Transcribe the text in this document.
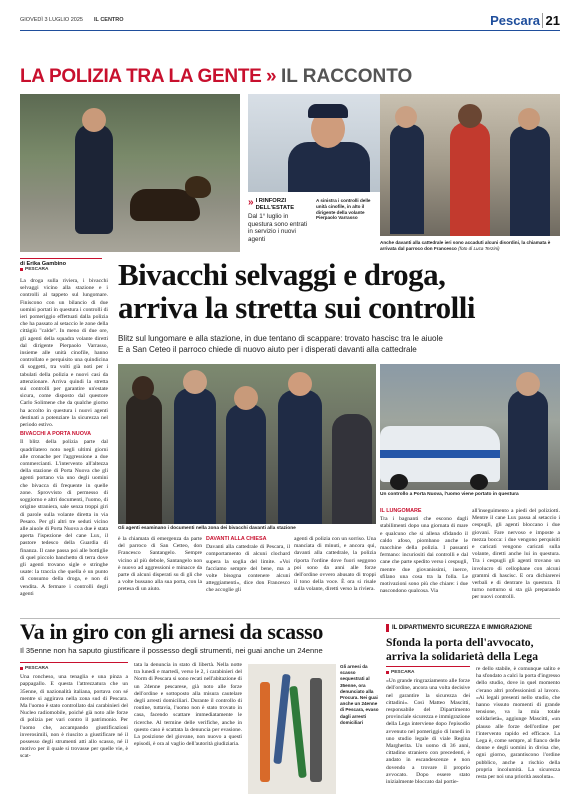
GIOVEDÌ 3 LUGLIO 2025 IL CENTRO	Pescara 21
LA POLIZIA TRA LA GENTE » IL RACCONTO
» I RINFORZI DELL'ESTATE
Dal 1° luglio in questura sono entrati in servizio i nuovi agenti
A sinistra i controlli delle unità cinofile, in alto il dirigente della volante Pierpaolo Varrasso
Anche davanti alla cattedrale ieri sono accaduti alcuni disordini, la chiamata è arrivata dal parroco don Francesco (foto di Luca Terzini)
di Erika Gambino
PESCARA Bivacchi selvaggi e droga,
arriva la stretta sui controlli
Blitz sul lungomare e alla stazione, in due tentano di scappare: trovato hascisc tra le aiuole
E a San Ceteo il parroco chiede di nuovo aiuto per i disperati davanti alla cattedrale

La droga sulla riviera, i bivacchi selvaggi vicino alla stazione e i controlli al tappeto sul lungomare. Finiscono con un bilancio di due uomini portati in questura i controlli di ieri pomeriggio effettuati dalla polizia che ha passato al setaccio le zone della cittàgiù "calde". In meno di due ore, gli agenti della squadra volante diretti dal dirigente Pierpaolo Varrasso, insieme alle unità cinofile, hanno controllato e perquisito una quindicina di soggetti, tra volti già noti per i tabulati della polizia e nuovi casi da attenzionare. Arriva quindi la stretta sui controlli per garantire un'estate sicura, come disposto dal questore Carlo Solimene che da qualche giorno ha accolto in questura i nuovi agenti destinati a potenziare la sicurezza nel periodo estivo.

BIVACCHI A PORTA NUOVA

Il blitz della polizia parte dal quadrilatero noto negli ultimi giorni alle cronache per l'aggressione a due commercianti. L'intervento all'altezza della stazione di Porta Nuova che gli agenti portano via uno degli uomini che bivacca di frequente in quelle zone. Sprovvisto di permesso di soggiorno e altri documenti, l'uomo, di origine straniera, sale senza troppi giri di parole sulla volante diretta in via Pesaro. Per gli altri tre seduti vicino alle aiuole di Porta Nuova a due è stata aperta l'ispezione del cane Lux, il pastore tedesco della Guardia di finanza. Il cane passa poi alle bottiglie di quel piccolo banchetto di terra dove gli agenti trovano sigle e stringhe usate: la traccia che quella è un punto di consumo della droga, e non di vendita. A fermare i controlli degli agenti

Gli agenti esaminano i documenti nella zona dei bivacchi davanti alla stazione
Un controllo a Porta Nuova, l'uomo viene portato in questura

è la chiamata di emergenza da parte del parroco di San Cetteo, don Francesco Santangelo. Sempre vicino al più debole, Santangelo non è nuovo ad aggressioni e minacce da parte di alcuni disperati su di gli che a volte bussano alla sua porta, con la pretesa di un aiuto.

DAVANTI ALLA CHIESA

Davanti alla cattedrale di Pescara, il comportamento di alcuni clochard supera la soglia del limite. «Voi facciamo sempre del bene, ma a volte bisogna contenere alcuni atteggiamenti», dice don Francesco che accoglie gli

agenti di polizia con un sorriso. Una manciata di minuti, e ancora qui, davanti alla cattedrale, la polizia riporta l'ordine dove fuori seggono poi sono da anni alle forze dell'ordine ovvero abusato di troppi il tono della voce. È ora si risale sulla volante, diretti verso la riviera.

IL LUNGOMARE

Tra i bagnanti che escono dagli stabilimenti dopo una giornata di mare e qualcuno che si allena sfidando il caldo afoso, piombano anche le macchine della polizia. I passanti fermano: incuriositi dai controlli e dal cane che parte spedito verso i cespugli, mentre due giovanissimi, inerce, sfilano una cosa tra la folla. Le motivazioni sono più che chiare: i due nascondono qualcosa. Via

all'inseguimento a piedi del poliziotti. Mentre il cane Lux passa al setaccio i cespugli, gli agenti bloccano i due giovani. Fare nervoso e imposte a mezza bocca: i due vengono perquisiti e caricati vengono caricati sulla volante, diretti anche lui in questura. Tra i cespugli gli agenti trovano un involucro di cellophane con alcuni grammi di hascisc. E ora dichiarerei verbali e di dentrare la questura. Il turno notturno si sta già preparando per nuovi controlli.

Va in giro con gli arnesi da scasso
Il 35enne non ha saputo giustificare il possesso degli strumenti, nei guai anche un 24enne
PESCARA

Una roncheso, una tenaglia e una pinza a pappagallo. E questa l'attrezzatura che un 35enne, di nazionalità italiana, portava con sé mentre si aggirava nella zona sud di Pescara. Ma l'uomo è stato controllato dai carabinieri del Nucleo radiomobile, poiché già noto alle forze di polizia per vari contro il patrimonio. Per l'uomo che, accampando giustificazioni inverosimili, non è riuscito a giustificare né il possesso degli strumenti atti allo scasso, né il motivo per il quale si trovasse per quelle vie, è scat-

tata la denuncia in stato di libertà. Nella notte tra lunedì e martedì, verso le 2, i carabinieri del Norm di Pescara si sono recati nell'abitazione di un 24enne pescarese, già noto alle forze dell'ordine e sottoposto alla misura cautelare degli arresti domiciliari. Durante il controllo di routine, tuttavia, l'uomo non è stato trovato in casa, facendo scattare immediatamente le ricerche. Al termine delle verifiche, anche in questo caso è scattata la denuncia per evasione. La posizione del giovane, non nuovo a questi episodi, è ora al vaglio dell'autorità giudiziaria.

Gli arnesi da scasso sequestrati al 35enne, ora denunciato alla Procura. Nei guai anche un 24enne di Pescara, evaso dagli arresti domiciliari
IL DIPARTIMENTO SICUREZZA E IMMIGRAZIONE
Sfonda la porta dell'avvocato,
arriva la solidarietà della Lega
PESCARA

«Un grande ringraziamento alle forze dell'ordine, ancora una volta decisive nel garantire la sicurezza dei cittadini». Così Matteo Mascitti, responsabile del Dipartimento provinciale sicurezza e immigrazione della Lega interviene dopo l'episodio avvenuto nel pomeriggio di lunedì in uno studio legale di viale Regina Margherita. Un uomo di 36 anni, cittadino straniero con precedenti, è andato in escandescenze e non dovendo a trovare il proprio avvocato. Dopo essere stato inizialmente bloccato dal portie-

re dello stabile, è comunque salito e ha sfondato a calci la porta d'ingresso dello studio, dove in quel momento c'erano altri professionisti al lavoro. «Ai legali presenti nello studio, che hanno vissuto momenti di grande tensione, va la mia totale solidarietà», aggiunge Mascitti, «un plauso alle forze dell'ordine per l'intervento rapido ed efficace. La Lega è, come sempre, al fianco delle donne e degli uomini in divisa che, ogni giorno, garantiscono l'ordine pubblico, anche a rischio della propria incolumità. La sicurezza resta per noi una priorità assoluta».
